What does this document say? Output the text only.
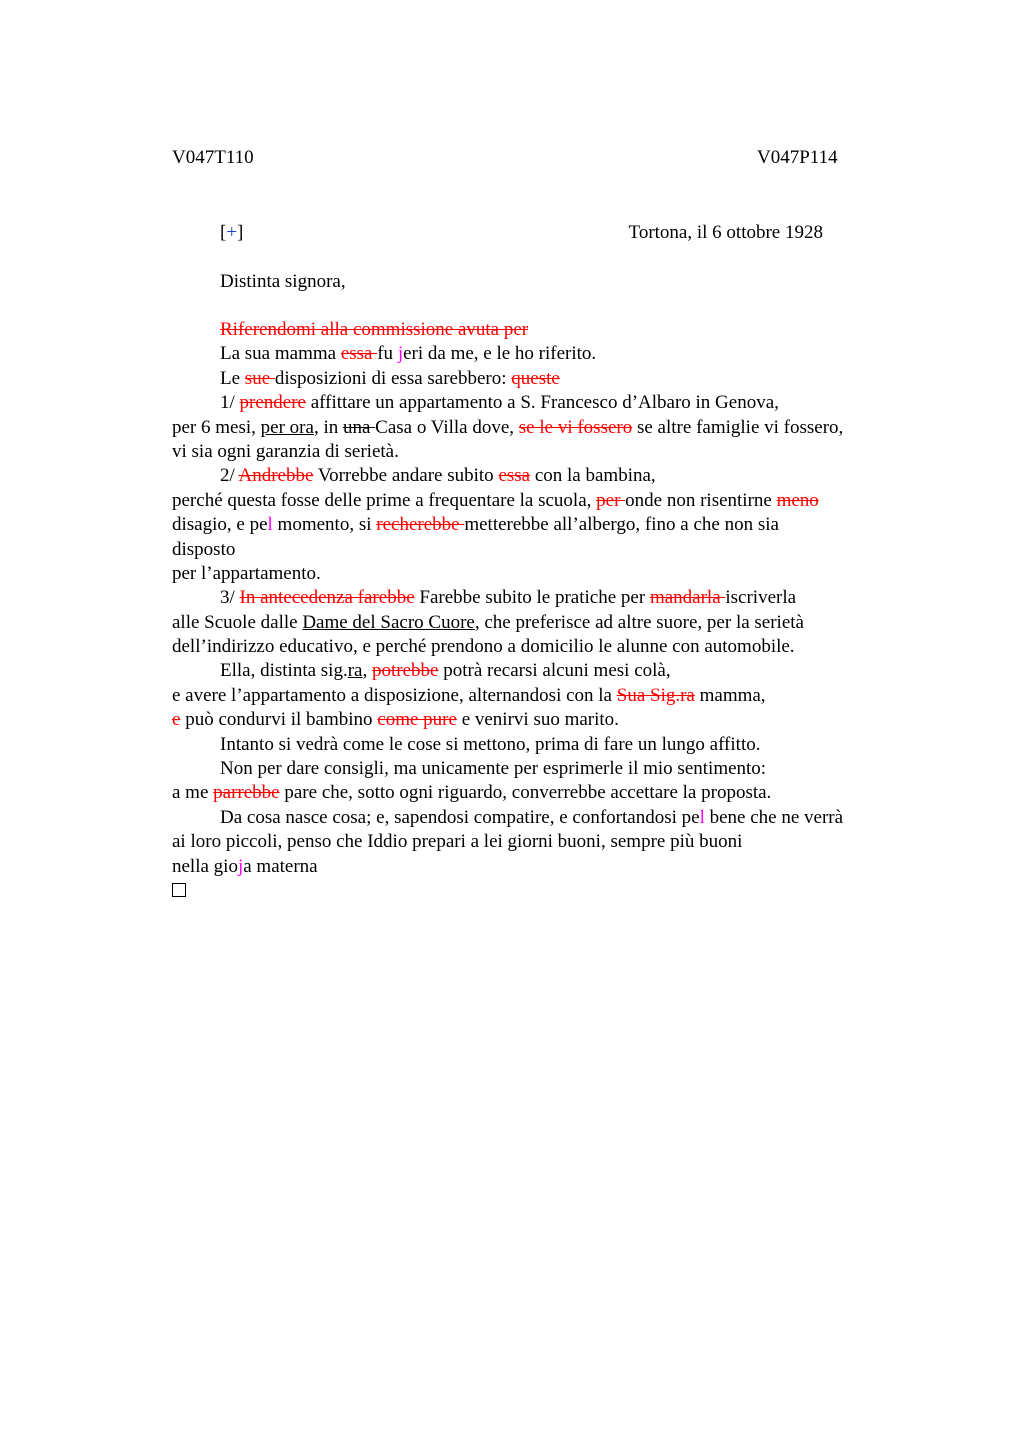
V047T110	V047P114
[+]	Tortona, il 6 ottobre 1928
Distinta signora,
Riferendomi alla commissione avuta per
La sua mamma essa fu jeri da me, e le ho riferito.
Le sue disposizioni di essa sarebbero: queste
1/ prendere affittare un appartamento a S. Francesco d’Albaro in Genova,
per 6 mesi, per ora, in una Casa o Villa dove, se le vi fossero se altre famiglie vi fossero,
vi sia ogni garanzia di serietà.
2/ Andrebbe Vorrebbe andare subito essa con la bambina,
perché questa fosse delle prime a frequentare la scuola, per onde non risentirne meno
disagio, e pel momento, si recherebbe metterebbe all’albergo, fino a che non sia
disposto
per l’appartamento.
3/ In antecedenza farebbe Farebbe subito le pratiche per mandarla iscriverla
alle Scuole dalle Dame del Sacro Cuore, che preferisce ad altre suore, per la serietà
dell’indirizzo educativo, e perché prendono a domicilio le alunne con automobile.
Ella, distinta sig.ra, potrebbe potrà recarsi alcuni mesi colà,
e avere l’appartamento a disposizione, alternandosi con la Sua Sig.ra mamma,
e può condurvi il bambino come pure e venirvi suo marito.
Intanto si vedrà come le cose si mettono, prima di fare un lungo affitto.
Non per dare consigli, ma unicamente per esprimerle il mio sentimento:
a me parrebbe pare che, sotto ogni riguardo, converrebbe accettare la proposta.
Da cosa nasce cosa; e, sapendosi compatire, e confortandosi pel bene che ne verrà
ai loro piccoli, penso che Iddio prepari a lei giorni buoni, sempre più buoni
nella gioja materna
